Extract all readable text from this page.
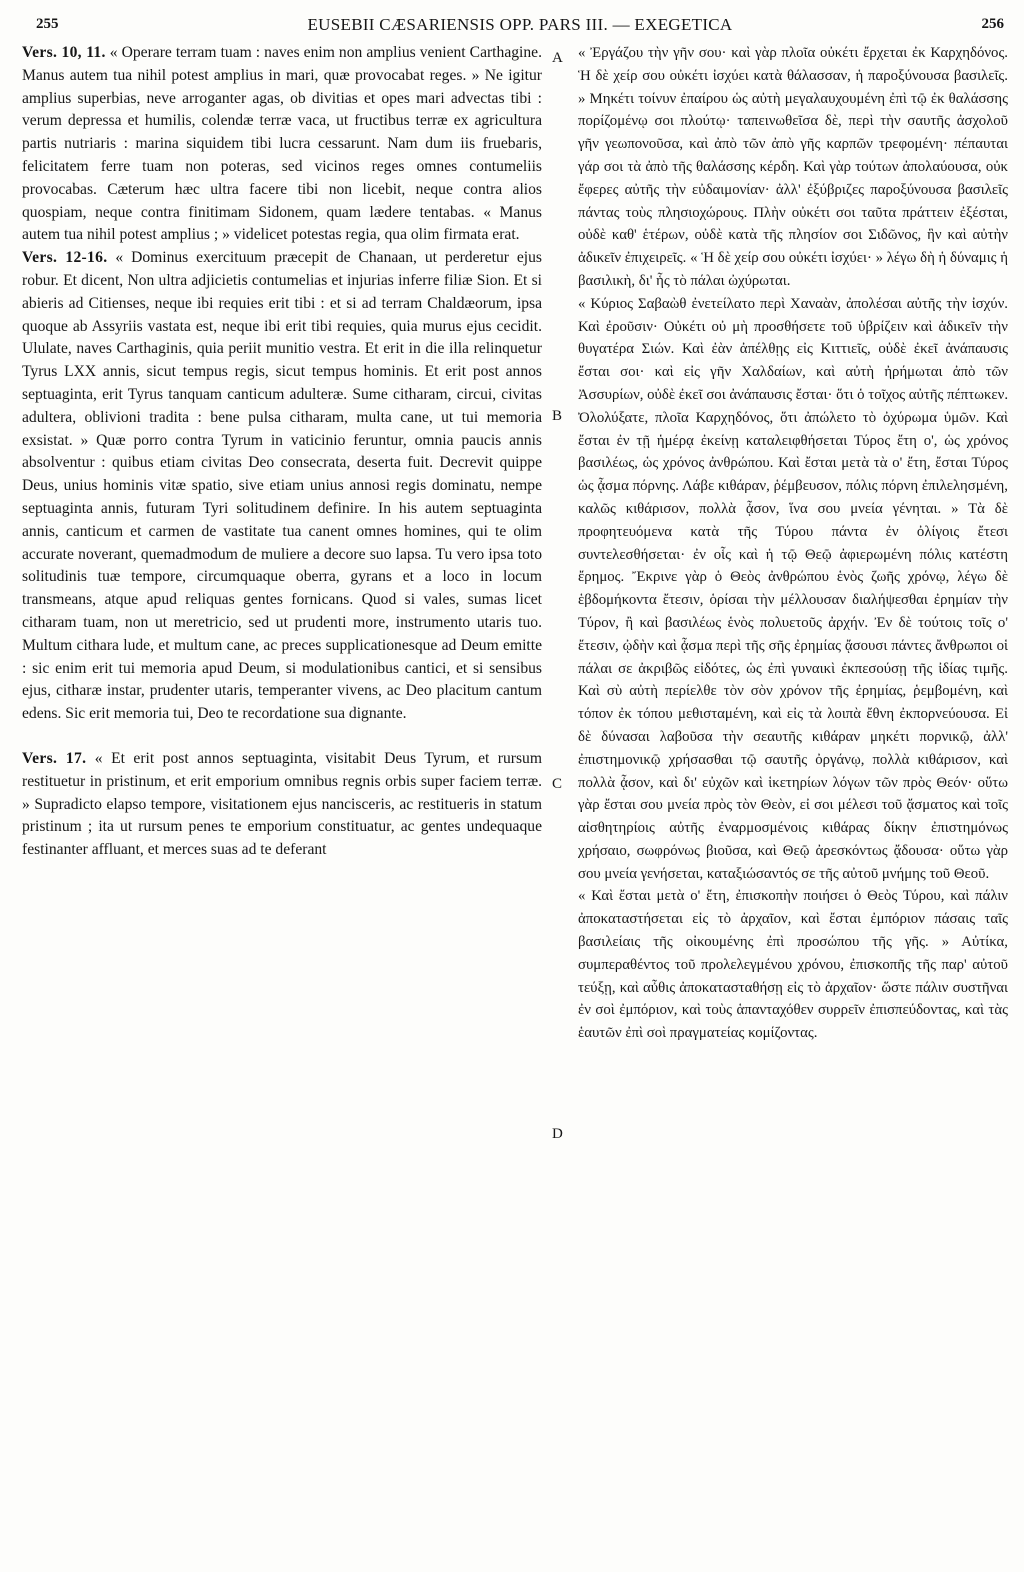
255	EUSEBII CÆSARIENSIS OPP. PARS III. — EXEGETICA	256

Vers. 10, 11. « Operare terram tuam : naves enim non amplius venient Carthagine. Manus autem tua nihil potest amplius in mari, quæ provocabat reges. » Ne igitur amplius superbias, neve arroganter agas, ob divitias et opes mari advectas tibi : verum depressa et humilis, colendæ terræ vaca, ut fructibus terræ ex agricultura partis nutriaris : marina siquidem tibi lucra cessarunt. Nam dum iis fruebaris, felicitatem ferre tuam non poteras, sed vicinos reges omnes contumeliis provocabas. Cæterum hæc ultra facere tibi non licebit, neque contra alios quospiam, neque contra finitimam Sidonem, quam lædere tentabas. « Manus autem tua nihil potest amplius ; » videlicet potestas regia, qua olim firmata erat.

Vers. 12-16. « Dominus exercituum præcepit de Chanaan, ut perderetur ejus robur. Et dicent, Non ultra adjicietis contumelias et injurias inferre filiæ Sion. Et si abieris ad Citienses, neque ibi requies erit tibi : et si ad terram Chaldæorum, ipsa quoque ab Assyriis vastata est, neque ibi erit tibi requies, quia murus ejus cecidit. Ululate, naves Carthaginis, quia periit munitio vestra. Et erit in die illa relinquetur Tyrus LXX annis, sicut tempus regis, sicut tempus hominis. Et erit post annos septuaginta, erit Tyrus tanquam canticum adulteræ. Sume citharam, circui, civitas adultera, oblivioni tradita : bene pulsa citharam, multa cane, ut tui memoria exsistat. » Quæ porro contra Tyrum in vaticinio feruntur, omnia paucis annis absolventur : quibus etiam civitas Deo consecrata, deserta fuit. Decrevit quippe Deus, unius hominis vitæ spatio, sive etiam unius annosi regis dominatu, nempe septuaginta annis, futuram Tyri solitudinem definire. In his autem septuaginta annis, canticum et carmen de vastitate tua canent omnes homines, qui te olim accurate noverant, quemadmodum de muliere a decore suo lapsa. Tu vero ipsa toto solitudinis tuæ tempore, circumquaque oberra, gyrans et a loco in locum transmeans, atque apud reliquas gentes fornicans. Quod si vales, sumas licet citharam tuam, non ut meretricio, sed ut prudenti more, instrumento utaris tuo. Multum cithara lude, et multum cane, ac preces supplicationesque ad Deum emitte : sic enim erit tui memoria apud Deum, si modulationibus cantici, et si sensibus ejus, citharæ instar, prudenter utaris, temperanter vivens, ac Deo placitum cantum edens. Sic erit memoria tui, Deo te recordatione sua dignante.

Vers. 17. « Et erit post annos septuaginta, visitabit Deus Tyrum, et rursum restituetur in pristinum, et erit emporium omnibus regnis orbis super faciem terræ. » Supradicto elapso tempore, visitationem ejus nancisceris, ac restitueris in statum pristinum ; ita ut rursum penes te emporium constituatur, ac gentes undequaque festinanter affluant, et merces suas ad te deferant

A
B
C
D

« Ἐργάζου τὴν γῆν σου· καὶ γὰρ πλοῖα οὐκέτι ἔρχεται ἐκ Καρχηδόνος. Ἡ δὲ χείρ σου οὐκέτι ἰσχύει κατὰ θάλασσαν, ἡ παροξύνουσα βασιλεῖς. » Μηκέτι τοίνυν ἐπαίρου ὡς αὐτὴ μεγαλαυχουμένη ἐπὶ τῷ ἐκ θαλάσσης πορίζομένῳ σοι πλούτῳ· ταπεινωθεῖσα δὲ, περὶ τὴν σαυτῆς ἀσχολοῦ γῆν γεωπονοῦσα, καὶ ἀπὸ τῶν ἀπὸ γῆς καρπῶν τρεφομένη· πέπαυται γάρ σοι τὰ ἀπὸ τῆς θαλάσσης κέρδη. Καὶ γὰρ τούτων ἀπολαύουσα, οὐκ ἔφερες αὐτῆς τὴν εὐδαιμονίαν· ἀλλ' ἐξύβριζες παροξύνουσα βασιλεῖς πάντας τοὺς πλησιοχώρους. Πλὴν οὐκέτι σοι ταῦτα πράττειν ἐξέσται, οὐδὲ καθ' ἑτέρων, οὐδὲ κατὰ τῆς πλησίον σοι Σιδῶνος, ἣν καὶ αὐτὴν ἀδικεῖν ἐπιχειρεῖς. « Ἡ δὲ χείρ σου οὐκέτι ἰσχύει· » λέγω δὴ ἡ δύναμις ἡ βασιλικὴ, δι' ἧς τὸ πάλαι ὠχύρωται.

« Κύριος Σαβαὼθ ἐνετείλατο περὶ Χαναὰν, ἀπολέσαι αὐτῆς τὴν ἰσχύν. Καὶ ἐροῦσιν· Οὐκέτι οὐ μὴ προσθήσετε τοῦ ὑβρίζειν καὶ ἀδικεῖν τὴν θυγατέρα Σιών. Καὶ ἐὰν ἀπέλθῃς εἰς Κιττιεῖς, οὐδὲ ἐκεῖ ἀνάπαυσις ἔσται σοι· καὶ εἰς γῆν Χαλδαίων, καὶ αὐτὴ ἠρήμωται ἀπὸ τῶν Ἀσσυρίων, οὐδὲ ἐκεῖ σοι ἀνάπαυσις ἔσται· ὅτι ὁ τοῖχος αὐτῆς πέπτωκεν. Ὀλολύξατε, πλοῖα Καρχηδόνος, ὅτι ἀπώλετο τὸ ὀχύρωμα ὑμῶν. Καὶ ἔσται ἐν τῇ ἡμέρᾳ ἐκείνῃ καταλειφθήσεται Τύρος ἔτη ο', ὡς χρόνος βασιλέως, ὡς χρόνος ἀνθρώπου. Καὶ ἔσται μετὰ τὰ ο' ἔτη, ἔσται Τύρος ὡς ᾆσμα πόρνης. Λάβε κιθάραν, ῥέμβευσον, πόλις πόρνη ἐπιλελησμένη, καλῶς κιθάρισον, πολλὰ ᾆσον, ἵνα σου μνεία γένηται. » Τὰ δὲ προφητευόμενα κατὰ τῆς Τύρου πάντα ἐν ὀλίγοις ἔτεσι συντελεσθήσεται· ἐν οἷς καὶ ἡ τῷ Θεῷ ἀφιερωμένη πόλις κατέστη ἔρημος. Ἔκρινε γὰρ ὁ Θεὸς ἀνθρώπου ἑνὸς ζωῆς χρόνῳ, λέγω δὲ ἑβδομήκοντα ἔτεσιν, ὁρίσαι τὴν μέλλουσαν διαλήψεσθαι ἐρημίαν τὴν Τύρον, ἢ καὶ βασιλέως ἑνὸς πολυετοῦς ἀρχήν. Ἐν δὲ τούτοις τοῖς ο' ἔτεσιν, ᾠδὴν καὶ ᾆσμα περὶ τῆς σῆς ἐρημίας ᾄσουσι πάντες ἄνθρωποι οἱ πάλαι σε ἀκριβῶς εἰδότες, ὡς ἐπὶ γυναικὶ ἐκπεσούσῃ τῆς ἰδίας τιμῆς. Καὶ σὺ αὐτὴ περίελθε τὸν σὸν χρόνον τῆς ἐρημίας, ῥεμβομένη, καὶ τόπον ἐκ τόπου μεθισταμένη, καὶ εἰς τὰ λοιπὰ ἔθνη ἐκπορνεύουσα. Εἰ δὲ δύνασαι λαβοῦσα τὴν σεαυτῆς κιθάραν μηκέτι πορνικῷ, ἀλλ' ἐπιστημονικῷ χρήσασθαι τῷ σαυτῆς ὀργάνῳ, πολλὰ κιθάρισον, καὶ πολλὰ ᾆσον, καὶ δι' εὐχῶν καὶ ἱκετηρίων λόγων τῶν πρὸς Θεόν· οὕτω γὰρ ἔσται σου μνεία πρὸς τὸν Θεὸν, εἰ σοι μέλεσι τοῦ ᾄσματος καὶ τοῖς αἰσθητηρίοις αὐτῆς ἐναρμοσμένοις κιθάρας δίκην ἐπιστημόνως χρήσαιο, σωφρόνως βιοῦσα, καὶ Θεῷ ἀρεσκόντως ᾄδουσα· οὕτω γὰρ σου μνεία γενήσεται, καταξιώσαντός σε τῆς αὐτοῦ μνήμης τοῦ Θεοῦ.

« Καὶ ἔσται μετὰ ο' ἔτη, ἐπισκοπὴν ποιήσει ὁ Θεὸς Τύρου, καὶ πάλιν ἀποκαταστήσεται εἰς τὸ ἀρχαῖον, καὶ ἔσται ἐμπόριον πάσαις ταῖς βασιλείαις τῆς οἰκουμένης ἐπὶ προσώπου τῆς γῆς. » Αὐτίκα, συμπεραθέντος τοῦ προλελεγμένου χρόνου, ἐπισκοπῆς τῆς παρ' αὐτοῦ τεύξῃ, καὶ αὖθις ἀποκατασταθήσῃ εἰς τὸ ἀρχαῖον· ὥστε πάλιν συστῆναι ἐν σοὶ ἐμπόριον, καὶ τοὺς ἁπανταχόθεν συρρεῖν ἐπισπεύδοντας, καὶ τὰς ἑαυτῶν ἐπὶ σοὶ πραγματείας κομίζοντας.
